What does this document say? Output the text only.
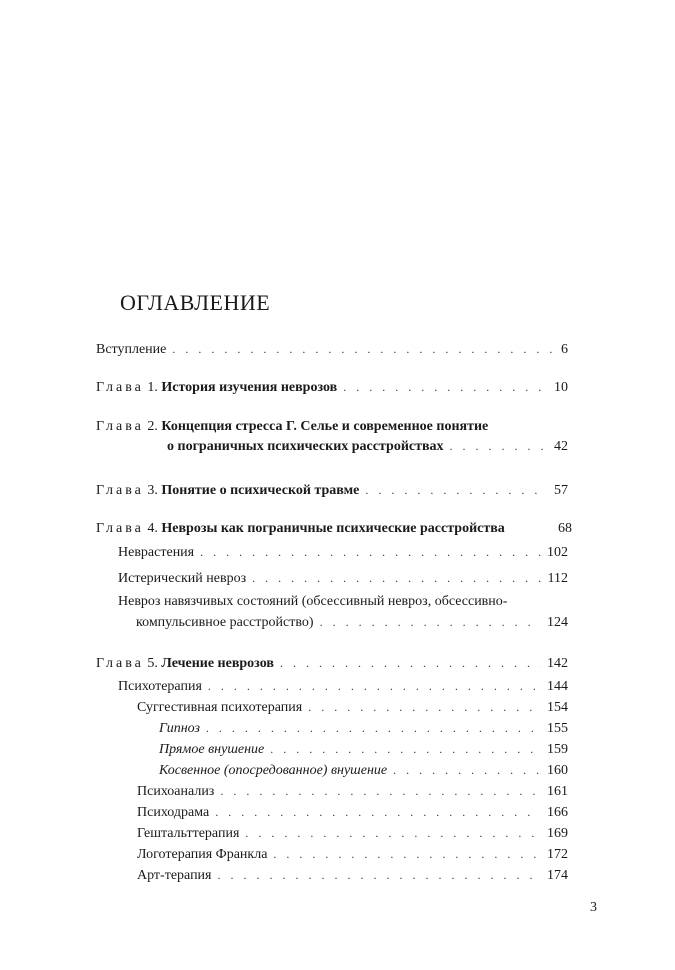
ОГЛАВЛЕНИЕ
Вступление . . .	6
Глава 1. История изучения неврозов . . .	10
Глава 2. Концепция стресса Г. Селье и современное понятие
о пограничных психических расстройствах . . .	42
Глава 3. Понятие о психической травме . . .	57
Глава 4. Неврозы как пограничные психические расстройства	68
Неврастения . . .	102
Истерический невроз . . .	112
Невроз навязчивых состояний (обсессивный невроз, обсессивно-
компульсивное расстройство) . . .	124
Глава 5. Лечение неврозов . . .	142
Психотерапия . . .	144
Суггестивная психотерапия . . .	154
Гипноз . . .	155
Прямое внушение . . .	159
Косвенное (опосредованное) внушение . . .	160
Психоанализ . . .	161
Психодрама . . .	166
Гештальттерапия . . .	169
Логотерапия Франкла . . .	172
Арт-терапия . . .	174
3
